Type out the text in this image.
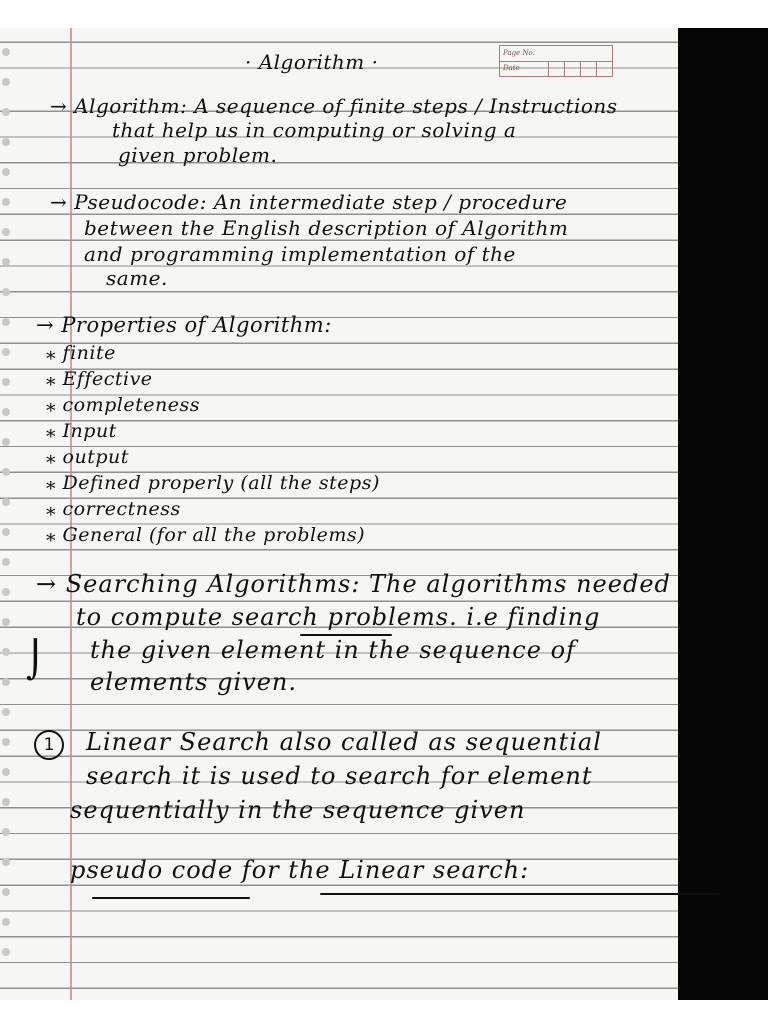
Page No.
Date
· Algorithm ·
→ Algorithm: A sequence of finite steps / Instructions
that help us in computing or solving a
given problem.
→ Pseudocode: An intermediate step / procedure
between the English description of Algorithm
and programming implementation of the
same.
→ Properties of Algorithm:
⁎ finite
⁎ Effective
⁎ completeness
⁎ Input
⁎ output
⁎ Defined properly (all the steps)
⁎ correctness
⁎ General (for all the problems)
→ Searching Algorithms: The algorithms needed
to compute search problems. i.e finding
the given element in the sequence of
elements given.
⌡
1	Linear Search also called as sequential
search it is used to search for element
sequentially in the sequence given
pseudo code for the Linear search:
